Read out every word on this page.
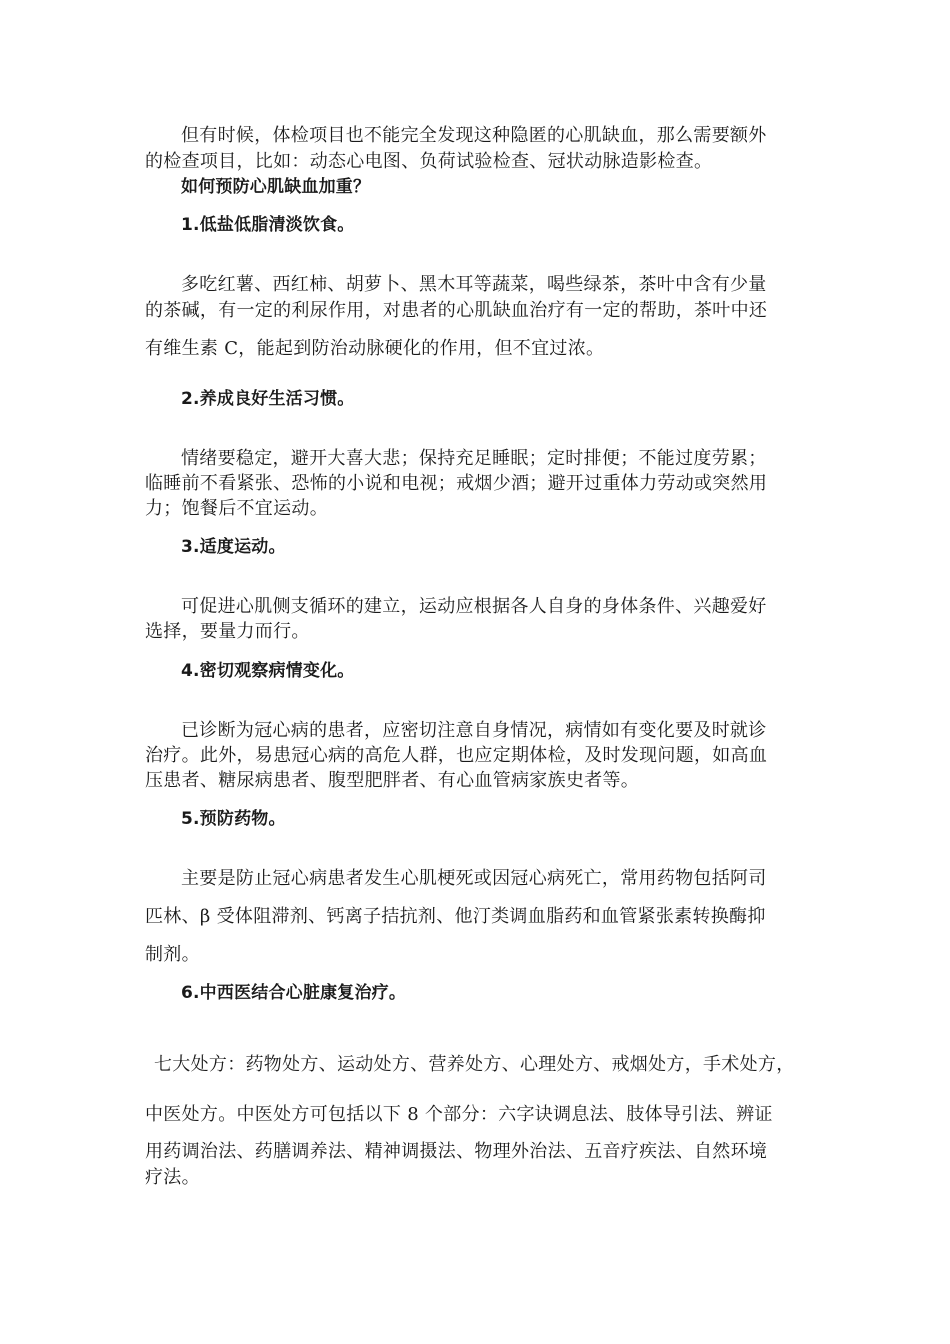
但有时候，体检项目也不能完全发现这种隐匿的心肌缺血，那么需要额外
的检查项目，比如：动态心电图、负荷试验检查、冠状动脉造影检查。
如何预防心肌缺血加重？
1.低盐低脂清淡饮食。
多吃红薯、西红柿、胡萝卜、黑木耳等蔬菜，喝些绿茶，茶叶中含有少量
的茶碱，有一定的利尿作用，对患者的心肌缺血治疗有一定的帮助，茶叶中还
有维生素 C，能起到防治动脉硬化的作用，但不宜过浓。
2.养成良好生活习惯。
情绪要稳定，避开大喜大悲；保持充足睡眠；定时排便；不能过度劳累；
临睡前不看紧张、恐怖的小说和电视；戒烟少酒；避开过重体力劳动或突然用
力；饱餐后不宜运动。
3.适度运动。
可促进心肌侧支循环的建立，运动应根据各人自身的身体条件、兴趣爱好
选择，要量力而行。
4.密切观察病情变化。
已诊断为冠心病的患者，应密切注意自身情况，病情如有变化要及时就诊
治疗。此外，易患冠心病的高危人群，也应定期体检，及时发现问题，如高血
压患者、糖尿病患者、腹型肥胖者、有心血管病家族史者等。
5.预防药物。
主要是防止冠心病患者发生心肌梗死或因冠心病死亡，常用药物包括阿司
匹林、β 受体阻滞剂、钙离子拮抗剂、他汀类调血脂药和血管紧张素转换酶抑
制剂。
6.中西医结合心脏康复治疗。
七大处方：药物处方、运动处方、营养处方、心理处方、戒烟处方，手术处方，
中医处方。中医处方可包括以下 8 个部分：六字诀调息法、肢体导引法、辨证
用药调治法、药膳调养法、精神调摄法、物理外治法、五音疗疾法、自然环境
疗法。
